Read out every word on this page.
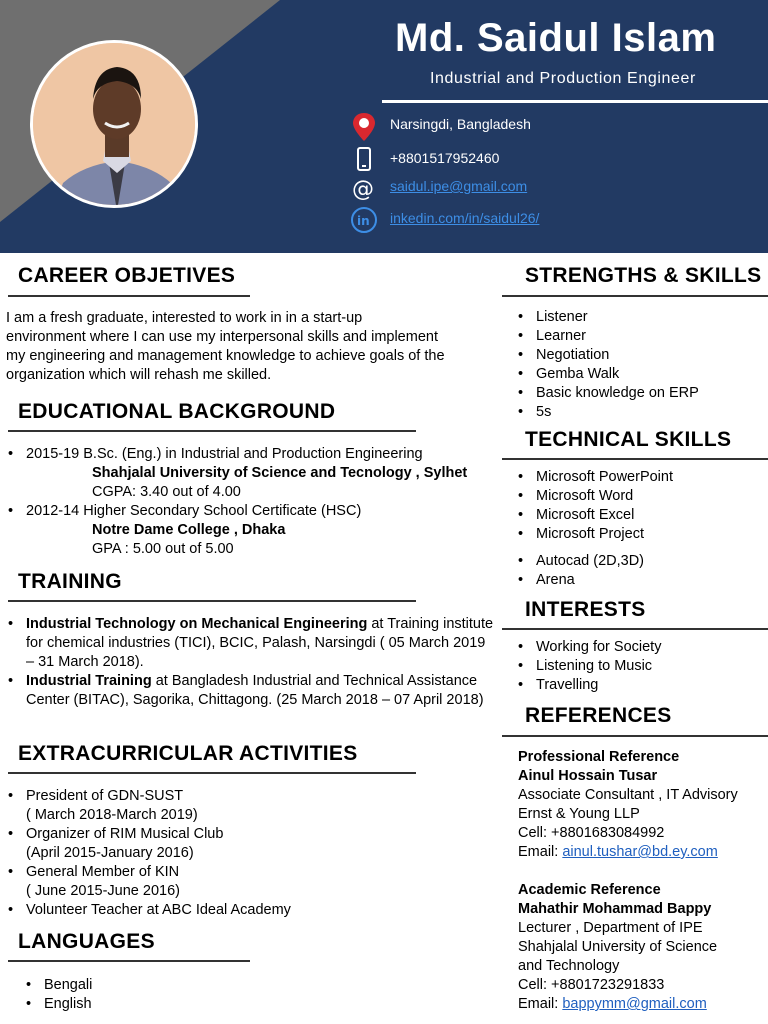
Md. Saidul Islam
Industrial and Production Engineer
Narsingdi, Bangladesh
+8801517952460
@ saidul.ipe@gmail.com
in inkedin.com/in/saidul26/
CAREER OBJETIVES
I am a fresh graduate, interested to work in in a start-up environment where I can use my interpersonal skills and implement my engineering and management knowledge to achieve goals of the organization which will rehash me skilled.
EDUCATIONAL BACKGROUND
• 2015-19 B.Sc. (Eng.) in Industrial and Production Engineering
Shahjalal University of Science and Tecnology , Sylhet
CGPA: 3.40 out of 4.00
• 2012-14 Higher Secondary School Certificate (HSC)
Notre Dame College , Dhaka
GPA : 5.00 out of 5.00
TRAINING
• Industrial Technology on Mechanical Engineering at Training institute for chemical industries (TICI), BCIC, Palash, Narsingdi ( 05 March 2019 – 31 March 2018).
• Industrial Training at Bangladesh Industrial and Technical Assistance Center (BITAC), Sagorika, Chittagong. (25 March 2018 – 07 April 2018)
EXTRACURRICULAR ACTIVITIES
• President of GDN-SUST
( March 2018-March 2019)
• Organizer of RIM Musical Club
(April 2015-January 2016)
• General Member of KIN
( June 2015-June 2016)
• Volunteer Teacher at ABC Ideal Academy
LANGUAGES
• Bengali
• English
STRENGTHS & SKILLS
• Listener
• Learner
• Negotiation
• Gemba Walk
• Basic knowledge on ERP
• 5s
TECHNICAL SKILLS
• Microsoft PowerPoint
• Microsoft Word
• Microsoft Excel
• Microsoft Project
• Autocad (2D,3D)
• Arena
INTERESTS
• Working for Society
• Listening to Music
• Travelling
REFERENCES
Professional Reference
Ainul Hossain Tusar
Associate Consultant , IT Advisory
Ernst & Young LLP
Cell: +8801683084992
Email: ainul.tushar@bd.ey.com
Academic Reference
Mahathir Mohammad Bappy
Lecturer , Department of IPE
Shahjalal University of Science
and Technology
Cell: +8801723291833
Email: bappymm@gmail.com
